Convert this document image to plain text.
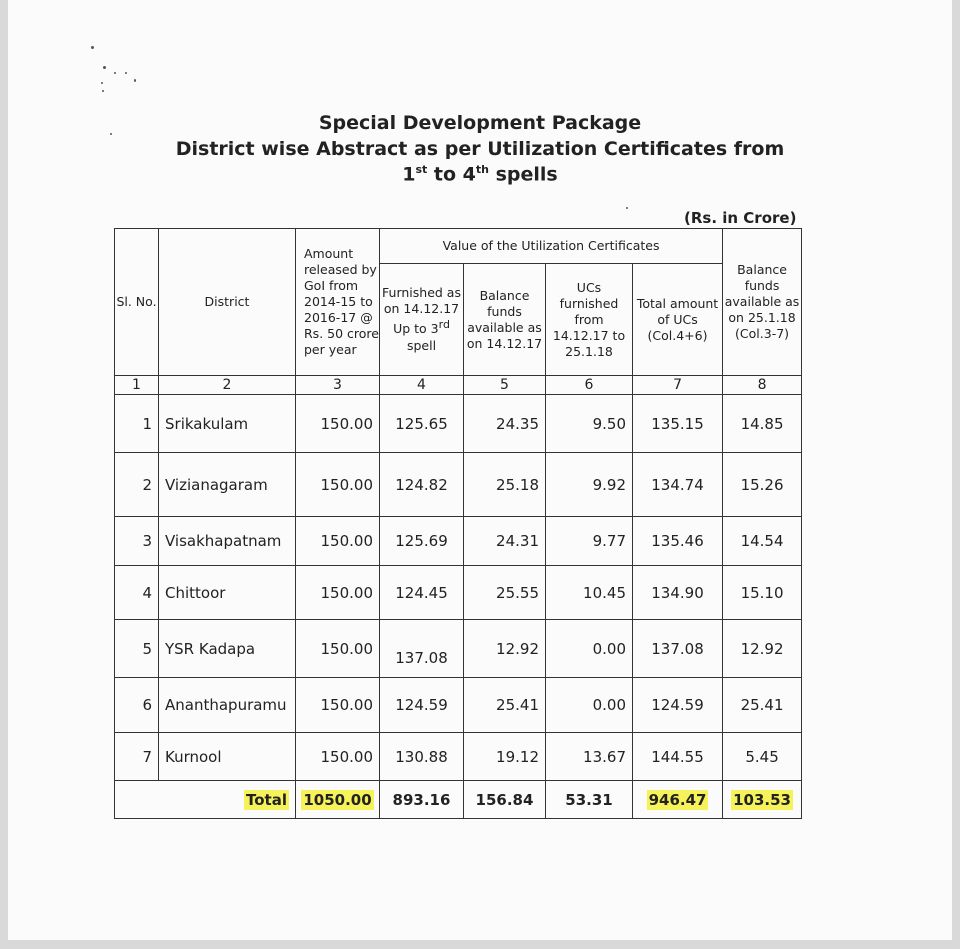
Special Development Package
District wise Abstract as per Utilization Certificates from
1st to 4th spells
(Rs. in Crore)
Sl. No.	District	Amount released by GoI from 2014-15 to 2016-17 @ Rs. 50 crore per year	Value of the Utilization Certificates				Balance funds available as on 25.1.18 (Col.3-7)
			Furnished as on 14.12.17 Up to 3rd spell	Balance funds available as on 14.12.17	UCs furnished from 14.12.17 to 25.1.18	Total amount of UCs (Col.4+6)	
1	2	3	4	5	6	7	8
1	Srikakulam	150.00	125.65	24.35	9.50	135.15	14.85
2	Vizianagaram	150.00	124.82	25.18	9.92	134.74	15.26
3	Visakhapatnam	150.00	125.69	24.31	9.77	135.46	14.54
4	Chittoor	150.00	124.45	25.55	10.45	134.90	15.10
5	YSR Kadapa	150.00	137.08	12.92	0.00	137.08	12.92
6	Ananthapuramu	150.00	124.59	25.41	0.00	124.59	25.41
7	Kurnool	150.00	130.88	19.12	13.67	144.55	5.45
Total		1050.00	893.16	156.84	53.31	946.47	103.53
